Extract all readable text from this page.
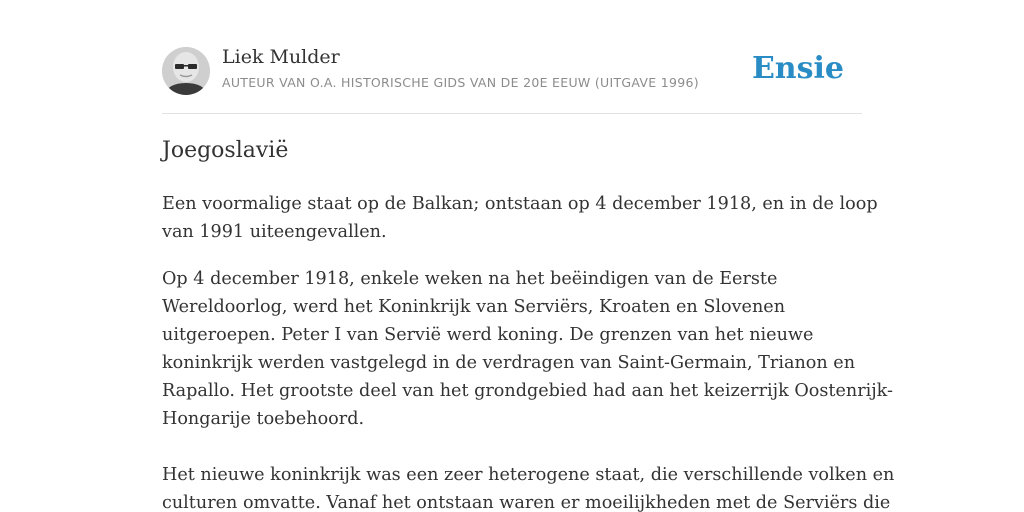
Liek Mulder
AUTEUR VAN O.A. HISTORISCHE GIDS VAN DE 20E EEUW (UITGAVE 1996) Ensie
Joegoslavië

Een voormalige staat op de Balkan; ontstaan op 4 december 1918, en in de loop
van 1991 uiteengevallen.

Op 4 december 1918, enkele weken na het beëindigen van de Eerste
Wereldoorlog, werd het Koninkrijk van Serviërs, Kroaten en Slovenen
uitgeroepen. Peter I van Servië werd koning. De grenzen van het nieuwe
koninkrijk werden vastgelegd in de verdragen van Saint-Germain, Trianon en
Rapallo. Het grootste deel van het grondgebied had aan het keizerrijk Oostenrijk-
Hongarije toebehoord.

Het nieuwe koninkrijk was een zeer heterogene staat, die verschillende volken en
culturen omvatte. Vanaf het ontstaan waren er moeilijkheden met de Serviërs die
